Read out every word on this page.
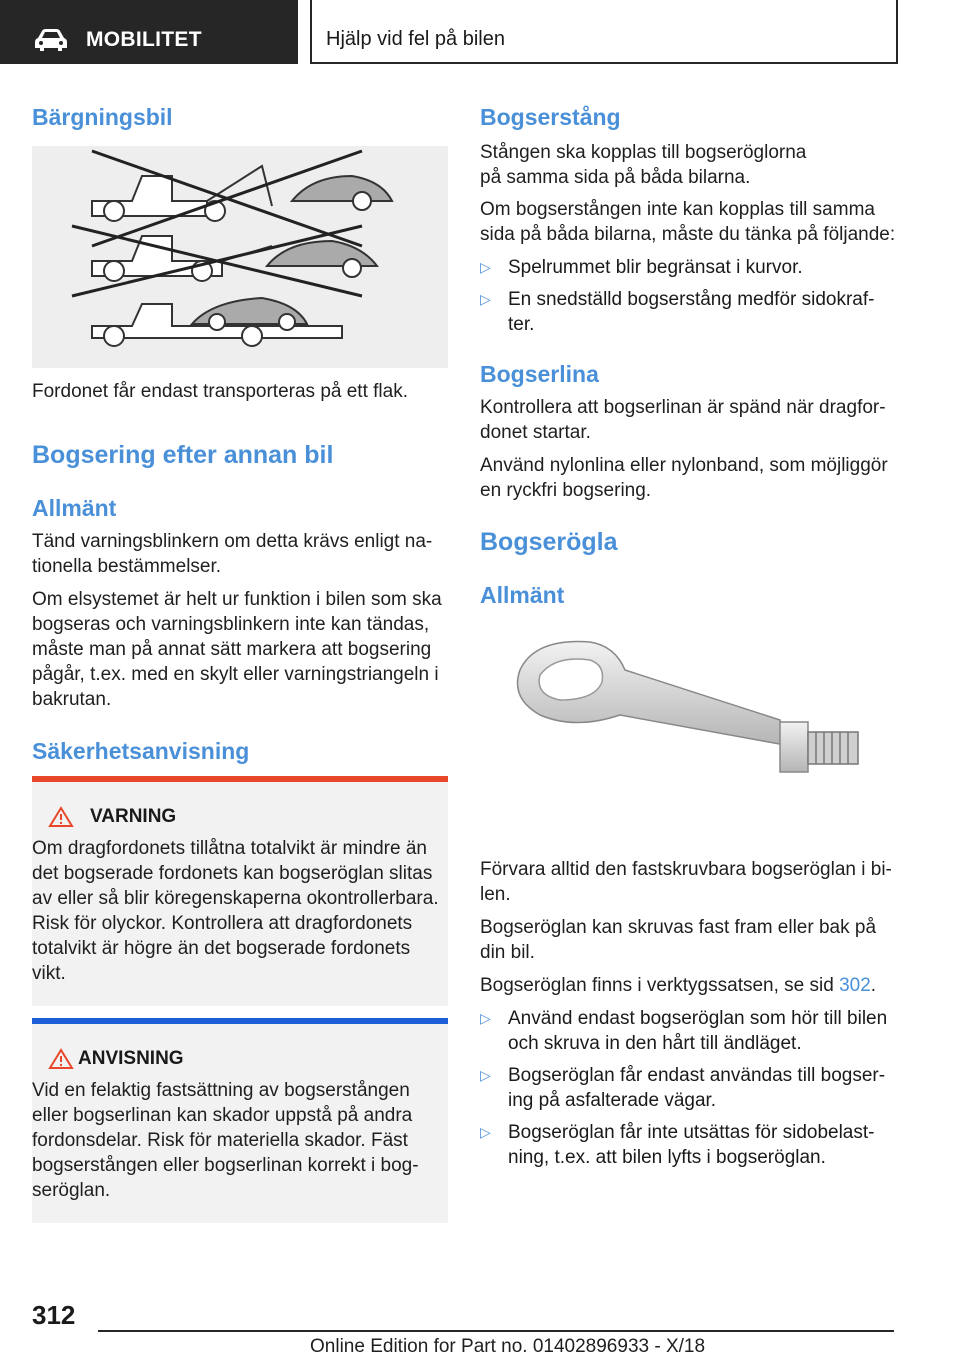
MOBILITET	Hjälp vid fel på bilen
Bärgningsbil

Fordonet får endast transporteras på ett flak.

Bogsering efter annan bil
Allmänt

Tänd varningsblinkern om detta krävs enligt na-

tionella bestämmelser.

Om elsystemet är helt ur funktion i bilen som ska

bogseras och varningsblinkern inte kan tändas,

måste man på annat sätt markera att bogsering

pågår, t.ex. med en skylt eller varningstriangeln i

bakrutan.

Säkerhetsanvisning
VARNING

Om dragfordonets tillåtna totalvikt är mindre än

det bogserade fordonets kan bogseröglan slitas

av eller så blir köregenskaperna okontrollerbara.

Risk för olyckor. Kontrollera att dragfordonets

totalvikt är högre än det bogserade fordonets

vikt.

ANVISNING

Vid en felaktig fastsättning av bogserstången

eller bogserlinan kan skador uppstå på andra

fordonsdelar. Risk för materiella skador. Fäst

bogserstången eller bogserlinan korrekt i bog-

seröglan.

Bogserstång

Stången ska kopplas till bogseröglorna

på samma sida på båda bilarna.

Om bogserstången inte kan kopplas till samma

sida på båda bilarna, måste du tänka på följande:

▷ Spelrummet blir begränsat i kurvor.
▷ En snedställd bogserstång medför sidokraf-
ter.
Bogserlina

Kontrollera att bogserlinan är spänd när dragfor-

donet startar.

Använd nylonlina eller nylonband, som möjliggör

en ryckfri bogsering.

Bogserögla
Allmänt

Förvara alltid den fastskruvbara bogseröglan i bi-

len.

Bogseröglan kan skruvas fast fram eller bak på

din bil.

Bogseröglan finns i verktygssatsen, se sid 302.

▷ Använd endast bogseröglan som hör till bilen
och skruva in den hårt till ändläget.
▷ Bogseröglan får endast användas till bogser-
ing på asfalterade vägar.
▷ Bogseröglan får inte utsättas för sidobelast-
ning, t.ex. att bilen lyfts i bogseröglan.
312
Online Edition for Part no. 01402896933 - X/18
